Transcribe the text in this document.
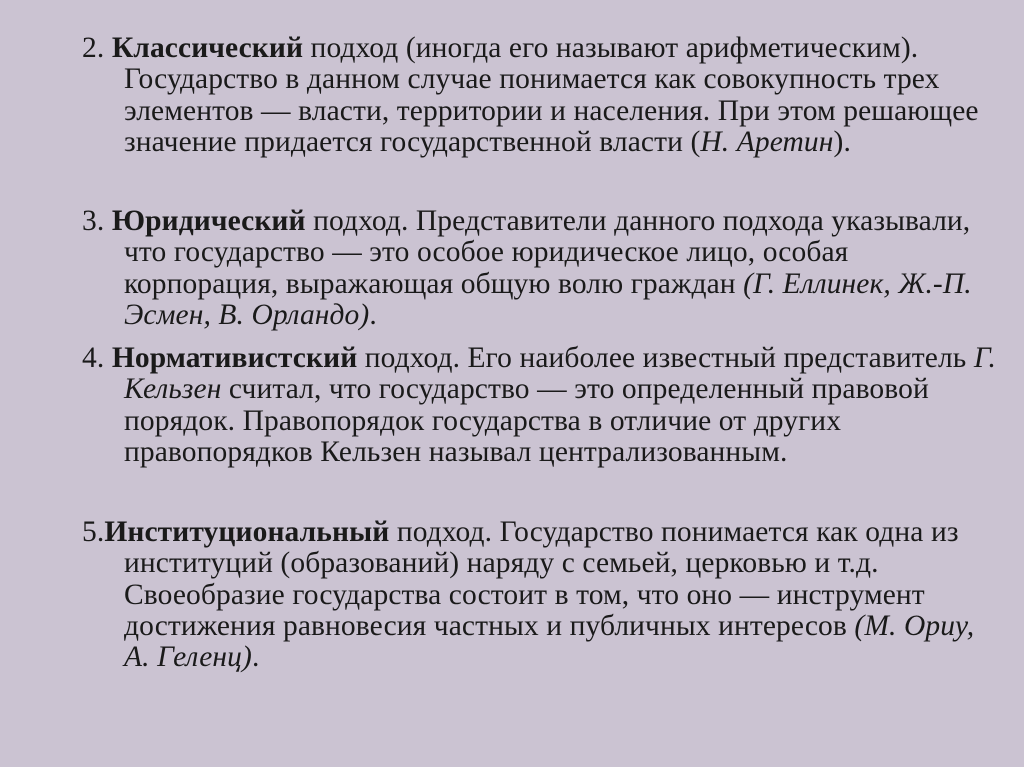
2. Классический подход (иногда его называют арифметическим). Государство в данном случае понимается как совокупность трех элементов — власти, территории и населения. При этом решающее значение придается государственной власти (Н. Аретин).

3. Юридический подход. Представители данного подхода указывали, что государство — это особое юридическое лицо, особая корпорация, выражающая общую волю граждан (Г. Еллинек, Ж.-П. Эсмен, В. Орландо).

4. Нормативистский подход. Его наиболее известный представитель Г. Кельзен считал, что государство — это определенный правовой порядок. Правопорядок государства в отличие от других правопорядков Кельзен называл централизованным.

5.Институциональный подход. Государство понимается как одна из институций (образований) наряду с семьей, церковью и т.д. Своеобразие государства состоит в том, что оно — инструмент достижения равновесия частных и публичных интересов (М. Ориу, А. Геленц).
